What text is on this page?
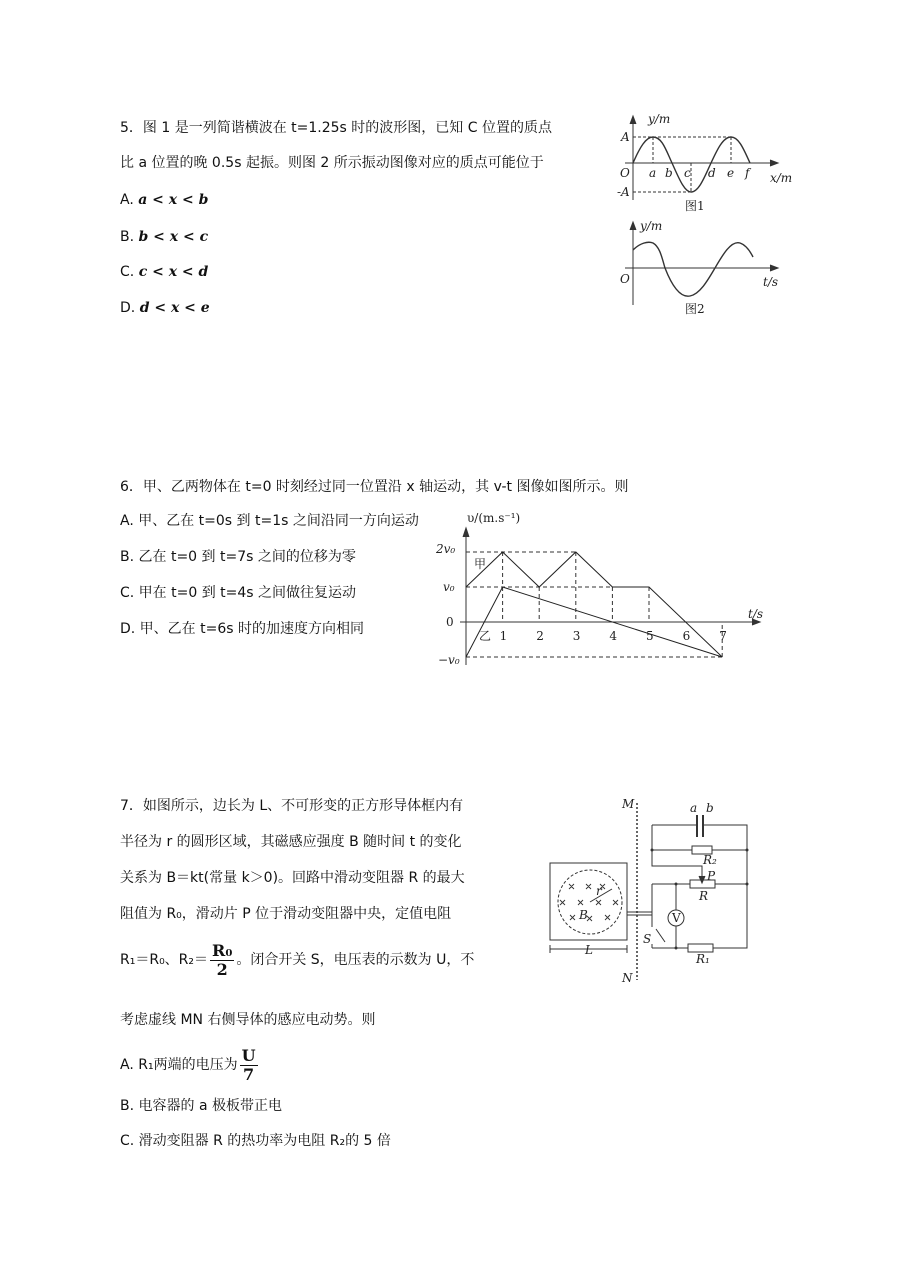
5．图 1 是一列简谐横波在 t=1.25s 时的波形图，已知 C 位置的质点
比 a 位置的晚 0.5s 起振。则图 2 所示振动图像对应的质点可能位于
A. a < x < b
B. b < x < c
C. c < x < d
D. d < x < e
y/m
A
-A
O a b c d e f x/m
图1
y/m
O	t/s
图2
υ/(m.s⁻¹)
t/s
2v₀
v₀
0
−v₀
1 2 3 4 5 6 7
甲
乙
M
N
a b
R₂
P
R
V
S
R₁
B
r
L
6．甲、乙两物体在 t=0 时刻经过同一位置沿 x 轴运动，其 v-t 图像如图所示。则
A. 甲、乙在 t=0s 到 t=1s 之间沿同一方向运动
B. 乙在 t=0 到 t=7s 之间的位移为零
C. 甲在 t=0 到 t=4s 之间做往复运动
D. 甲、乙在 t=6s 时的加速度方向相同
7．如图所示，边长为 L、不可形变的正方形导体框内有
半径为 r 的圆形区域，其磁感应强度 B 随时间 t 的变化
关系为 B＝kt(常量 k＞0)。回路中滑动变阻器 R 的最大
阻值为 R₀，滑动片 P 位于滑动变阻器中央，定值电阻
R₁＝R₀、$R_2= \frac{\text{R₀}}{2}$ 。闭合开关 S，电压表的示数为 U，不
考虑虚线 MN 右侧导体的感应电动势。则
A. R₁两端的电压为 $\frac{U}{7}$
B. 电容器的 a 极板带正电
C. 滑动变阻器 R 的热功率为电阻 R₂的 5 倍
